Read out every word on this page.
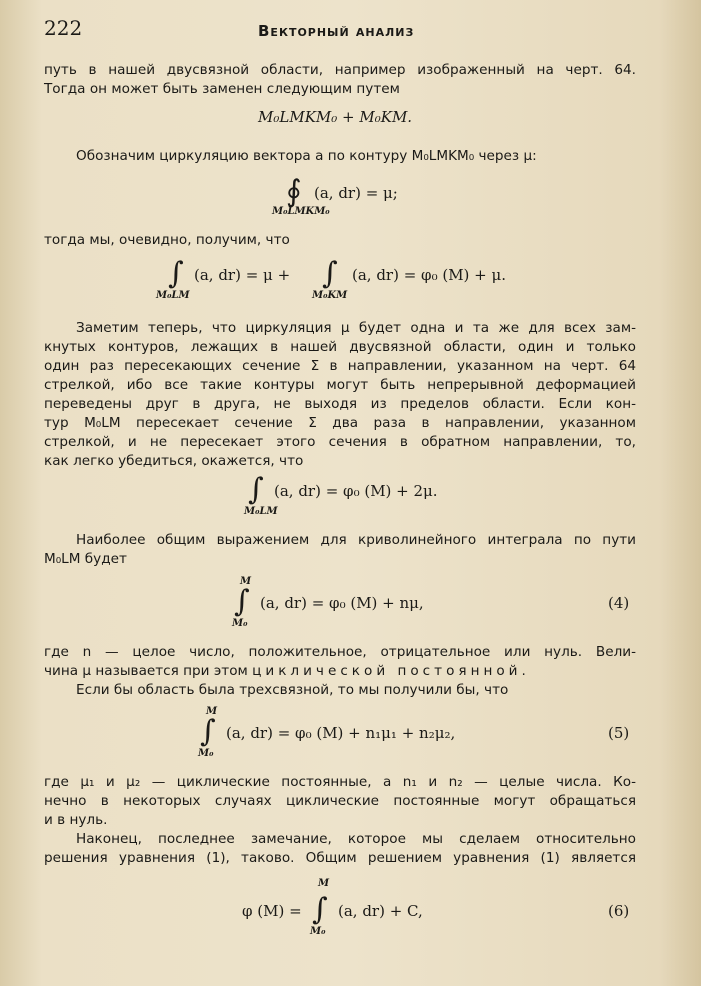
222	Векторный анализ
путь в нашей двусвязной области, например изображенный на черт. 64.
Тогда он может быть заменен следующим путем
M₀LMKM₀ + M₀KM.
Обозначим циркуляцию вектора a по контуру M₀LMKM₀ через μ:
∮ (a, dr) = μ;
M₀LMKM₀
тогда мы, очевидно, получим, что
∫ (a, dr) = μ + ∫ (a, dr) = φ₀ (M) + μ.
M₀LM	M₀KM
Заметим теперь, что циркуляция μ будет одна и та же для всех зам-
кнутых контуров, лежащих в нашей двусвязной области, один и только
один раз пересекающих сечение Σ в направлении, указанном на черт. 64
стрелкой, ибо все такие контуры могут быть непрерывной деформацией
переведены друг в друга, не выходя из пределов области. Если кон-
тур M₀LM пересекает сечение Σ два раза в направлении, указанном
стрелкой, и не пересекает этого сечения в обратном направлении, то,
как легко убедиться, окажется, что
∫ (a, dr) = φ₀ (M) + 2μ.
M₀LM
Наиболее общим выражением для криволинейного интеграла по пути
M₀LM будет
M
∫ (a, dr) = φ₀ (M) + nμ,
M₀
(4)
где n — целое число, положительное, отрицательное или нуль. Вели-
чина μ называется при этом циклической постоянной.
Если бы область была трехсвязной, то мы получили бы, что
M
∫ (a, dr) = φ₀ (M) + n₁μ₁ + n₂μ₂,
M₀
(5)
где μ₁ и μ₂ — циклические постоянные, а n₁ и n₂ — целые числа. Ко-
нечно в некоторых случаях циклические постоянные могут обращаться
и в нуль.
Наконец, последнее замечание, которое мы сделаем относительно
решения уравнения (1), таково. Общим решением уравнения (1) является
φ (M) =
M
∫ (a, dr) + C,
M₀
(6)
